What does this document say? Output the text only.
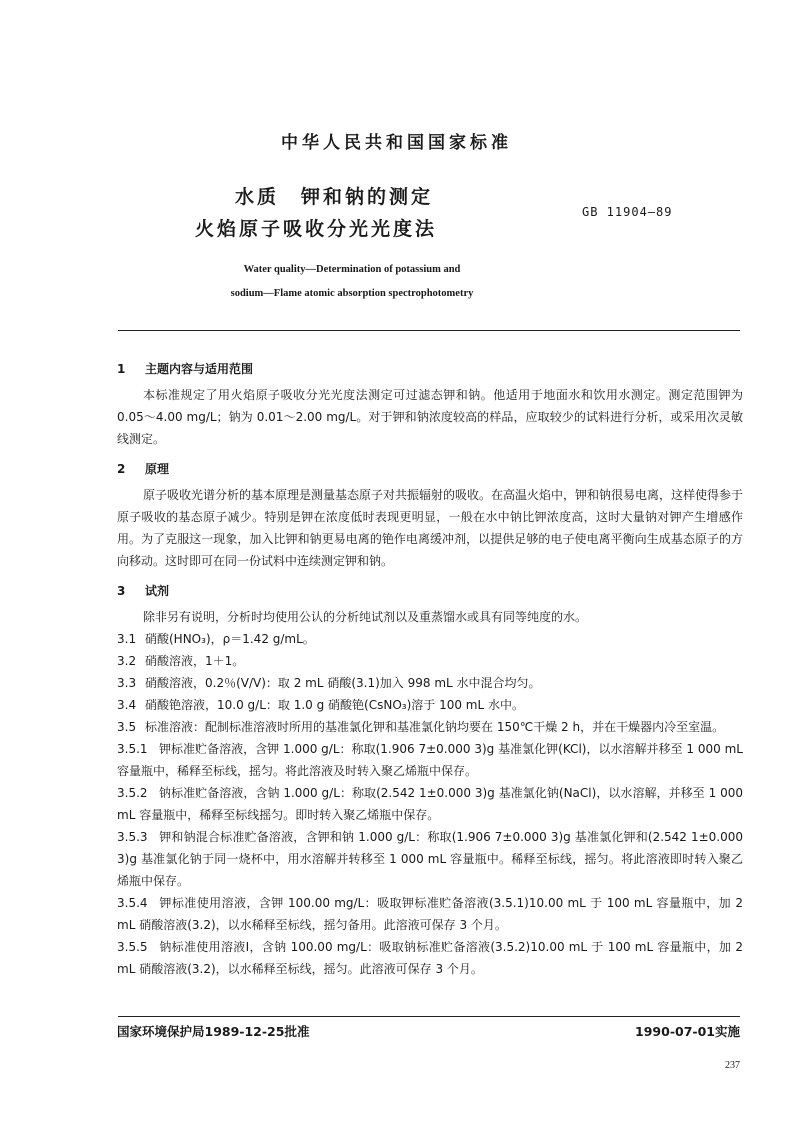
中华人民共和国国家标准
水质　钾和钠的测定
火焰原子吸收分光光度法
GB 11904—89
Water quality—Determination of potassium and
sodium—Flame atomic absorption spectrophotometry
1 主题内容与适用范围

本标准规定了用火焰原子吸收分光光度法测定可过滤态钾和钠。他适用于地面水和饮用水测定。测定范围钾为 0.05～4.00 mg/L；钠为 0.01～2.00 mg/L。对于钾和钠浓度较高的样品，应取较少的试料进行分析，或采用次灵敏线测定。

2 原理

原子吸收光谱分析的基本原理是测量基态原子对共振辐射的吸收。在高温火焰中，钾和钠很易电离，这样使得参于原子吸收的基态原子减少。特别是钾在浓度低时表现更明显，一般在水中钠比钾浓度高，这时大量钠对钾产生增感作用。为了克服这一现象，加入比钾和钠更易电离的铯作电离缓冲剂，以提供足够的电子使电离平衡向生成基态原子的方向移动。这时即可在同一份试料中连续测定钾和钠。

3 试剂

除非另有说明，分析时均使用公认的分析纯试剂以及重蒸馏水或具有同等纯度的水。

3.1 硝酸(HNO₃)，ρ＝1.42 g/mL。

3.2 硝酸溶液，1＋1。

3.3 硝酸溶液，0.2％(V/V)：取 2 mL 硝酸(3.1)加入 998 mL 水中混合均匀。

3.4 硝酸铯溶液，10.0 g/L：取 1.0 g 硝酸铯(CsNO₃)溶于 100 mL 水中。

3.5 标准溶液：配制标准溶液时所用的基准氯化钾和基准氯化钠均要在 150℃干燥 2 h，并在干燥器内冷至室温。

3.5.1 钾标准贮备溶液，含钾 1.000 g/L：称取(1.906 7±0.000 3)g 基准氯化钾(KCl)，以水溶解并移至 1 000 mL 容量瓶中，稀释至标线，摇匀。将此溶液及时转入聚乙烯瓶中保存。

3.5.2 钠标准贮备溶液，含钠 1.000 g/L：称取(2.542 1±0.000 3)g 基准氯化钠(NaCl)，以水溶解，并移至 1 000 mL 容量瓶中，稀释至标线摇匀。即时转入聚乙烯瓶中保存。

3.5.3 钾和钠混合标准贮备溶液，含钾和钠 1.000 g/L：称取(1.906 7±0.000 3)g 基准氯化钾和(2.542 1±0.000 3)g 基准氯化钠于同一烧杯中，用水溶解并转移至 1 000 mL 容量瓶中。稀释至标线，摇匀。将此溶液即时转入聚乙烯瓶中保存。

3.5.4 钾标准使用溶液，含钾 100.00 mg/L：吸取钾标准贮备溶液(3.5.1)10.00 mL 于 100 mL 容量瓶中，加 2 mL 硝酸溶液(3.2)，以水稀释至标线，摇匀备用。此溶液可保存 3 个月。

3.5.5 钠标准使用溶液Ⅰ，含钠 100.00 mg/L：吸取钠标准贮备溶液(3.5.2)10.00 mL 于 100 mL 容量瓶中，加 2 mL 硝酸溶液(3.2)，以水稀释至标线，摇匀。此溶液可保存 3 个月。

国家环境保护局1989-12-25批准	1990-07-01实施
237
